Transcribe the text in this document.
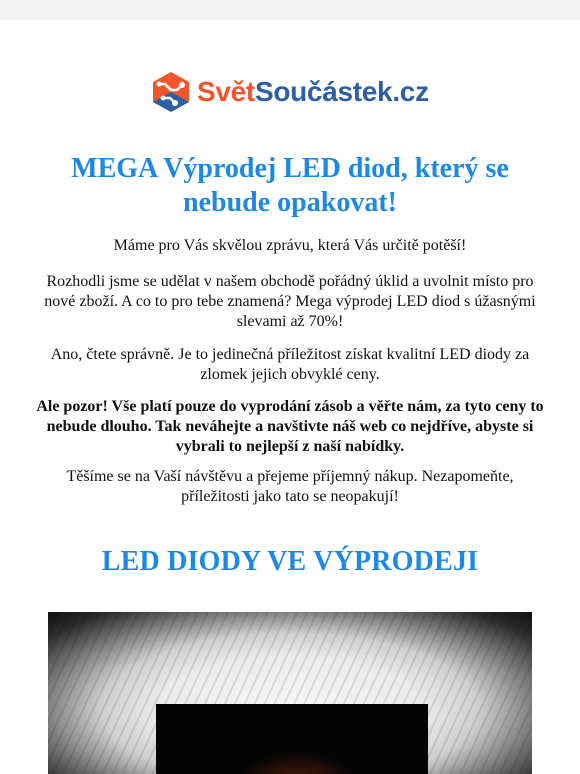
SvětSoučástek.cz
MEGA Výprodej LED diod, který se nebude opakovat!

Máme pro Vás skvělou zprávu, která Vás určitě potěší!

Rozhodli jsme se udělat v našem obchodě pořádný úklid a uvolnit místo pro nové zboží. A co to pro tebe znamená? Mega výprodej LED diod s úžasnými slevami až 70%!

Ano, čtete správně. Je to jedinečná příležitost získat kvalitní LED diody za zlomek jejich obvyklé ceny.

Ale pozor! Vše platí pouze do vyprodání zásob a věřte nám, za tyto ceny to nebude dlouho. Tak neváhejte a navštivte náš web co nejdříve, abyste si vybrali to nejlepší z naší nabídky.

Těšíme se na Vaší návštěvu a přejeme příjemný nákup. Nezapomeňte, příležitosti jako tato se neopakují!

LED DIODY VE VÝPRODEJI
